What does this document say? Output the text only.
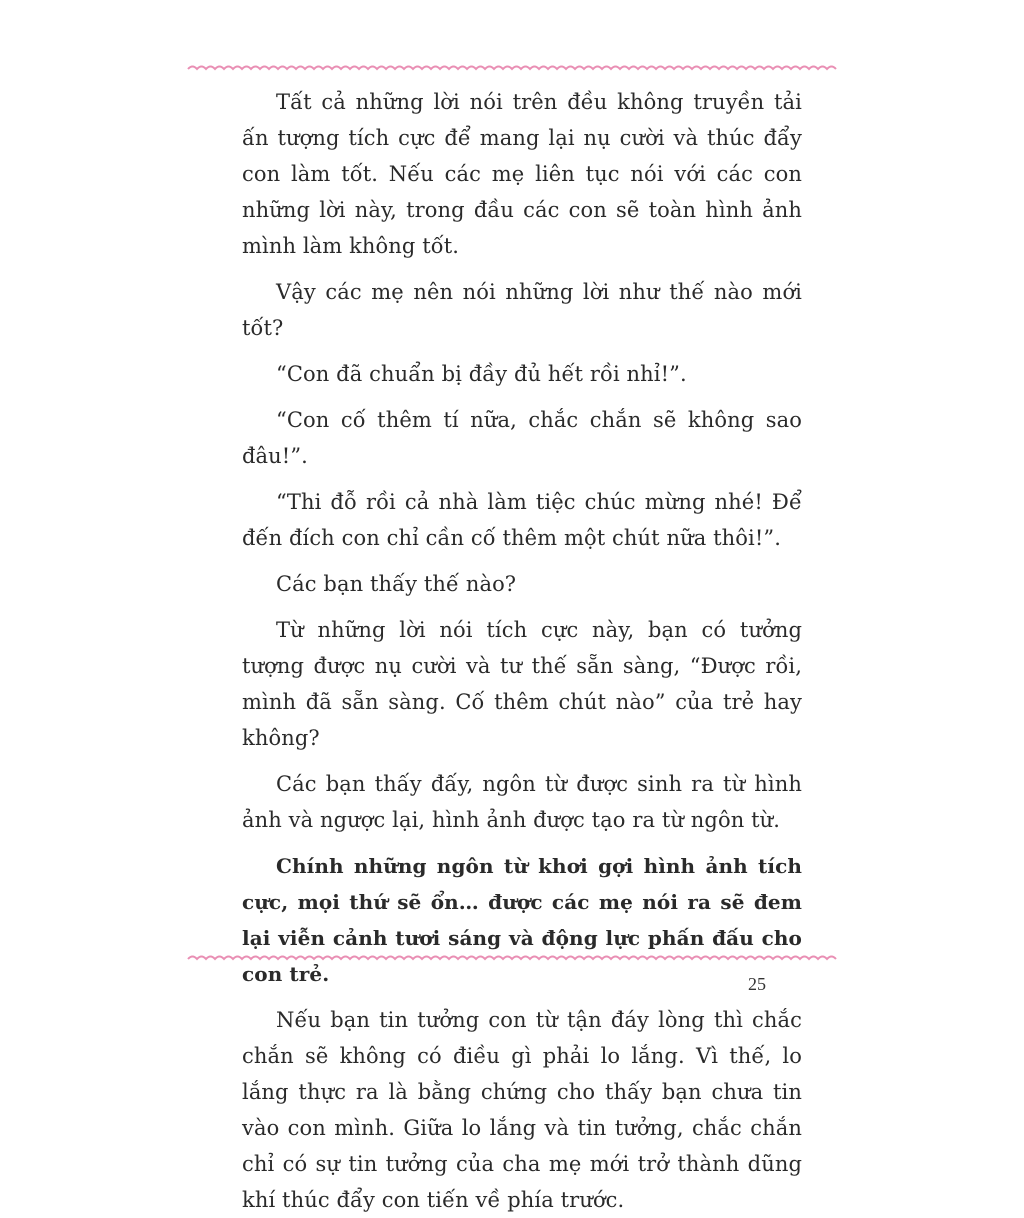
Tất cả những lời nói trên đều không truyền tải ấn tượng tích cực để mang lại nụ cười và thúc đẩy con làm tốt. Nếu các mẹ liên tục nói với các con những lời này, trong đầu các con sẽ toàn hình ảnh mình làm không tốt.

Vậy các mẹ nên nói những lời như thế nào mới tốt?

“Con đã chuẩn bị đầy đủ hết rồi nhỉ!”.

“Con cố thêm tí nữa, chắc chắn sẽ không sao đâu!”.

“Thi đỗ rồi cả nhà làm tiệc chúc mừng nhé! Để đến đích con chỉ cần cố thêm một chút nữa thôi!”.

Các bạn thấy thế nào?

Từ những lời nói tích cực này, bạn có tưởng tượng được nụ cười và tư thế sẵn sàng, “Được rồi, mình đã sẵn sàng. Cố thêm chút nào” của trẻ hay không?

Các bạn thấy đấy, ngôn từ được sinh ra từ hình ảnh và ngược lại, hình ảnh được tạo ra từ ngôn từ.

Chính những ngôn từ khơi gợi hình ảnh tích cực, mọi thứ sẽ ổn… được các mẹ nói ra sẽ đem lại viễn cảnh tươi sáng và động lực phấn đấu cho con trẻ.

Nếu bạn tin tưởng con từ tận đáy lòng thì chắc chắn sẽ không có điều gì phải lo lắng. Vì thế, lo lắng thực ra là bằng chứng cho thấy bạn chưa tin vào con mình. Giữa lo lắng và tin tưởng, chắc chắn chỉ có sự tin tưởng của cha mẹ mới trở thành dũng khí thúc đẩy con tiến về phía trước.

25
